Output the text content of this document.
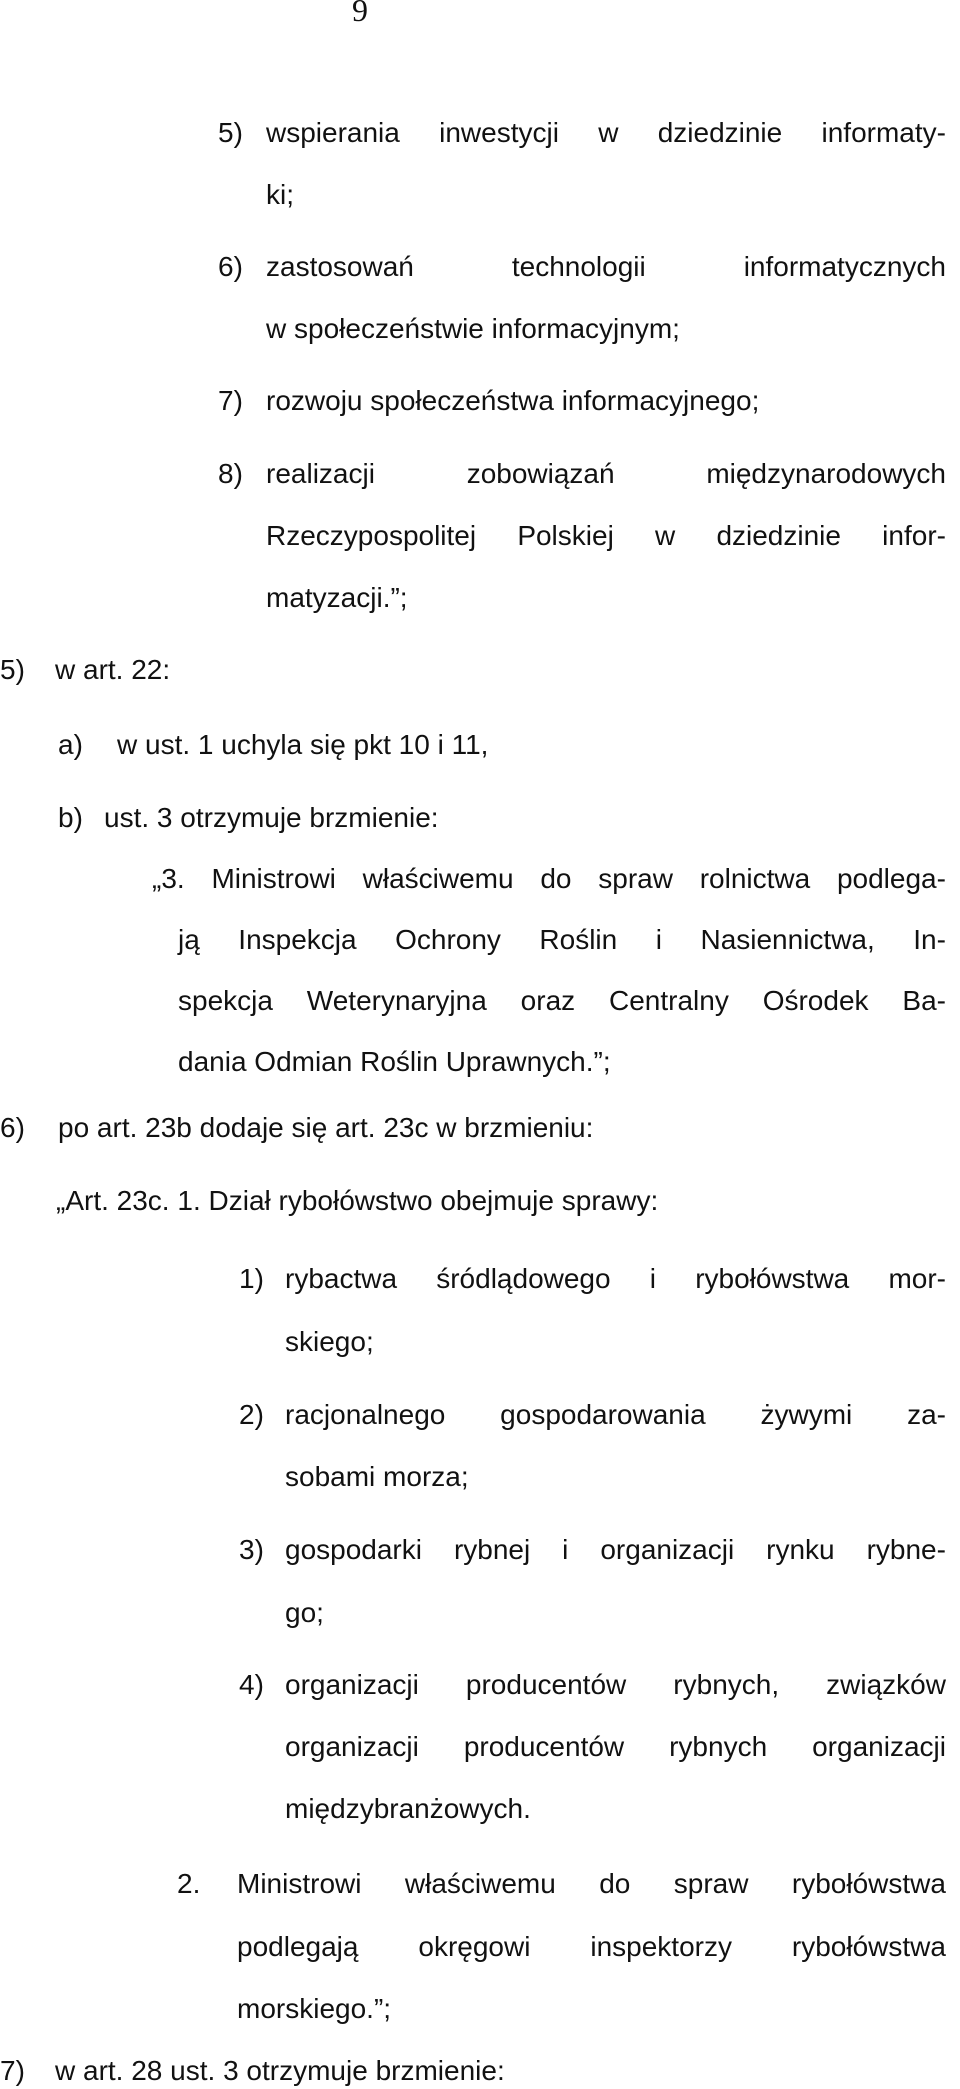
9
5) wspierania inwestycji w dziedzinie informaty-
ki;
6) zastosowań	technologii	informatycznych
w społeczeństwie informacyjnym;
7) rozwoju społeczeństwa informacyjnego;
8) realizacji	zobowiązań	międzynarodowych
Rzeczypospolitej Polskiej w dziedzinie infor-
matyzacji.”;
5) w art. 22:
a) w ust. 1 uchyla się pkt 10 i 11,
b) ust. 3 otrzymuje brzmienie:
„3. Ministrowi właściwemu do spraw rolnictwa podlega-
ją Inspekcja Ochrony Roślin i Nasiennictwa, In-
spekcja Weterynaryjna oraz Centralny Ośrodek Ba-
dania Odmian Roślin Uprawnych.”;
6) po art. 23b dodaje się art. 23c w brzmieniu:
„Art. 23c. 1. Dział rybołówstwo obejmuje sprawy:
1) rybactwa śródlądowego i rybołówstwa mor-
skiego;
2) racjonalnego gospodarowania żywymi za-
sobami morza;
3) gospodarki rybnej i organizacji rynku rybne-
go;
4) organizacji producentów rybnych, związków
organizacji producentów rybnych organizacji
międzybranżowych.
2. Ministrowi właściwemu do spraw rybołówstwa
podlegają okręgowi inspektorzy rybołówstwa
morskiego.”;
7) w art. 28 ust. 3 otrzymuje brzmienie:
